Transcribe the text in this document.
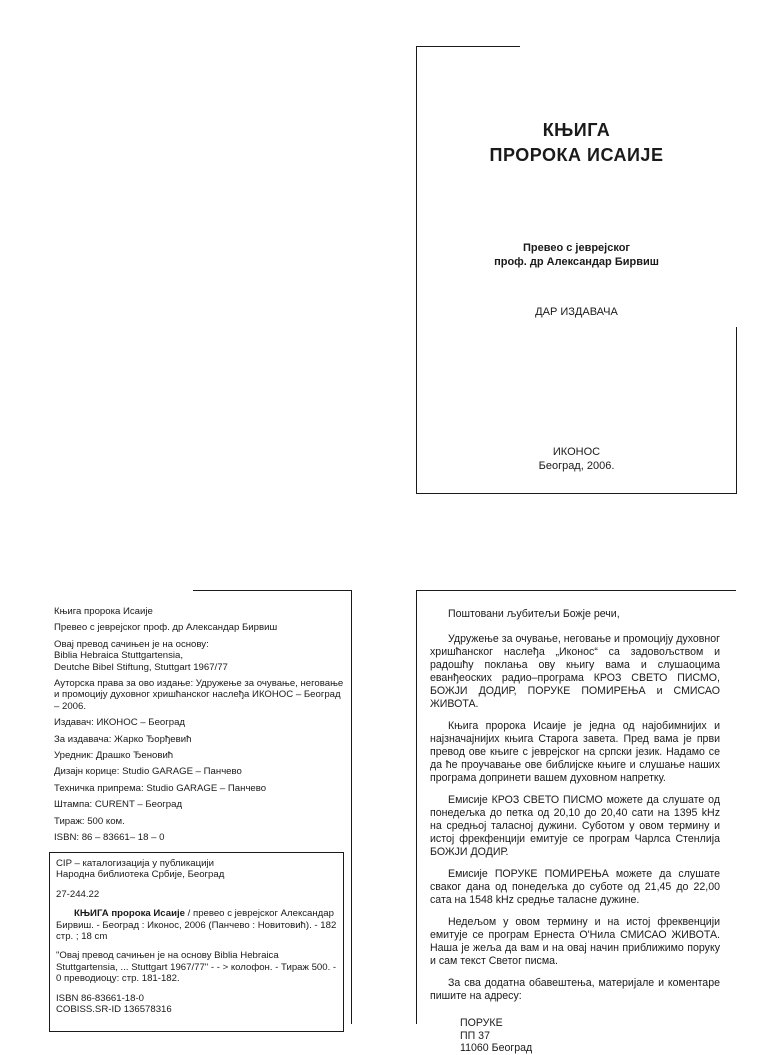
КЊИГА
ПРОРОКА ИСАИЈЕ
Превео с јеврејског
проф. др Александар Бирвиш
ДАР ИЗДАВАЧА
ИКОНОС
Београд, 2006.

Књига пророка Исаије

Превео с јеврејског проф. др Александар Бирвиш

Овај превод сачињен је на основу:
Biblia Hebraica Stuttgartensia,
Deutche Bibel Stiftung, Stuttgart 1967/77

Ауторска права за ово издање: Удружење за очување, неговање и промоцију духовног хришћанског наслеђа ИКОНОС – Београд – 2006.

Издавач: ИКОНОС – Београд

За издавача: Жарко Ђорђевић

Уредник: Драшко Ђеновић

Дизајн корице: Studio GARAGE – Панчево

Техничка припрема: Studio GARAGE – Панчево

Штампа: CURENT – Београд

Тираж: 500 ком.

ISBN: 86 – 83661– 18 – 0

CIP – каталогизација у публикацији
Народна библиотека Србије, Београд

27-244.22

КЊИГА пророка Исаије / превео с јеврејског Александар Бирвиш. - Београд : Иконос, 2006 (Панчево : Новитовић). - 182 стр. ; 18 cm

"Овај превод сачињен је на основу Biblia Hebraica Stuttgartensia, ... Stuttgart 1967/77" - - > колофон. - Тираж 500. - 0 преводиоцу: стр. 181-182.

ISBN 86-83661-18-0
COBISS.SR-ID 136578316

Поштовани љубитељи Божје речи,

Удружење за очување, неговање и промоцију духовног хришћанског наслеђа „Иконос“ са задовољством и радошћу поклања ову књигу вама и слушаоцима еванђеоских радио–програма КРОЗ СВЕТО ПИСМО, БОЖЈИ ДОДИР, ПОРУКЕ ПОМИРЕЊА и СМИСАО ЖИВОТА.

Књига пророка Исаије је једна од најобимнијих и најзначајнијих књига Старога завета. Пред вама је први превод ове књиге с јеврејског на српски језик. Надамо се да ће проучавање ове библијске књиге и слушање наших програма допринети вашем духовном напретку.

Емисије КРОЗ СВЕТО ПИСМО можете да слушате од понедељка до петка од 20,10 до 20,40 сати на 1395 kHz на средњој таласној дужини. Суботом у овом термину и истој фрекфенцији емитује се програм Чарлса Стенлија БОЖЈИ ДОДИР.

Емисије ПОРУКЕ ПОМИРЕЊА можете да слушате сваког дана од понедељка до суботе од 21,45 до 22,00 сата на 1548 kHz средње таласне дужине.

Недељом у овом термину и на истој фреквенцији емитује се програм Ернеста О'Нила СМИСАО ЖИВОТА. Наша је жеља да вам и на овај начин приближимо поруку и сам текст Светог писма.

За сва додатна обавештења, материјале и коментаре пишите на адресу:

ПОРУКЕ
ПП 37
11060 Београд
